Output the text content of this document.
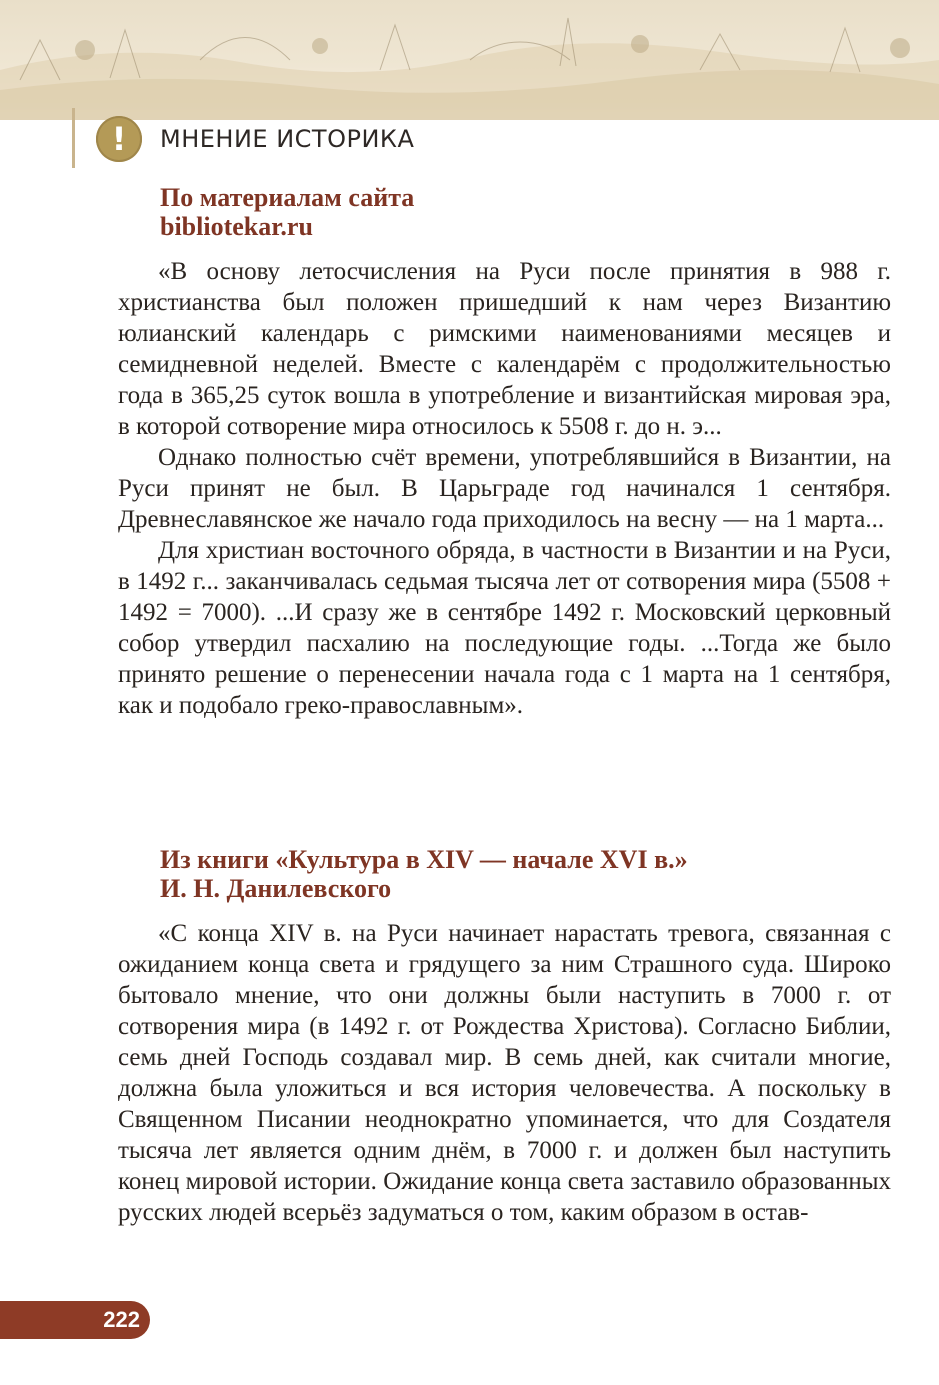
! МНЕНИЕ ИСТОРИКА
По материалам сайта
bibliotekar.ru

«В основу летосчисления на Руси после принятия в 988 г. христианства был положен пришедший к нам через Византию юлианский календарь с римскими наименованиями месяцев и семидневной неделей. Вместе с календарём с продолжительностью года в 365,25 суток вошла в употребление и византийская мировая эра, в которой сотворение мира относилось к 5508 г. до н. э...

Однако полностью счёт времени, употреблявшийся в Византии, на Руси принят не был. В Царьграде год начинался 1 сентября. Древнеславянское же начало года приходилось на весну — на 1 марта...

Для христиан восточного обряда, в частности в Византии и на Руси, в 1492 г... заканчивалась седьмая тысяча лет от сотворения мира (5508 + 1492 = 7000). ...И сразу же в сентябре 1492 г. Московский церковный собор утвердил пасхалию на последующие годы. ...Тогда же было принято решение о перенесении начала года с 1 марта на 1 сентября, как и подобало греко-православным».

Из книги «Культура в XIV — начале XVI в.»
И. Н. Данилевского

«С конца XIV в. на Руси начинает нарастать тревога, связанная с ожиданием конца света и грядущего за ним Страшного суда. Широко бытовало мнение, что они должны были наступить в 7000 г. от сотворения мира (в 1492 г. от Рождества Христова). Согласно Библии, семь дней Господь создавал мир. В семь дней, как считали многие, должна была уложиться и вся история человечества. А поскольку в Священном Писании неоднократно упоминается, что для Создателя тысяча лет является одним днём, в 7000 г. и должен был наступить конец мировой истории. Ожидание конца света заставило образованных русских людей всерьёз задуматься о том, каким образом в остав-

222
